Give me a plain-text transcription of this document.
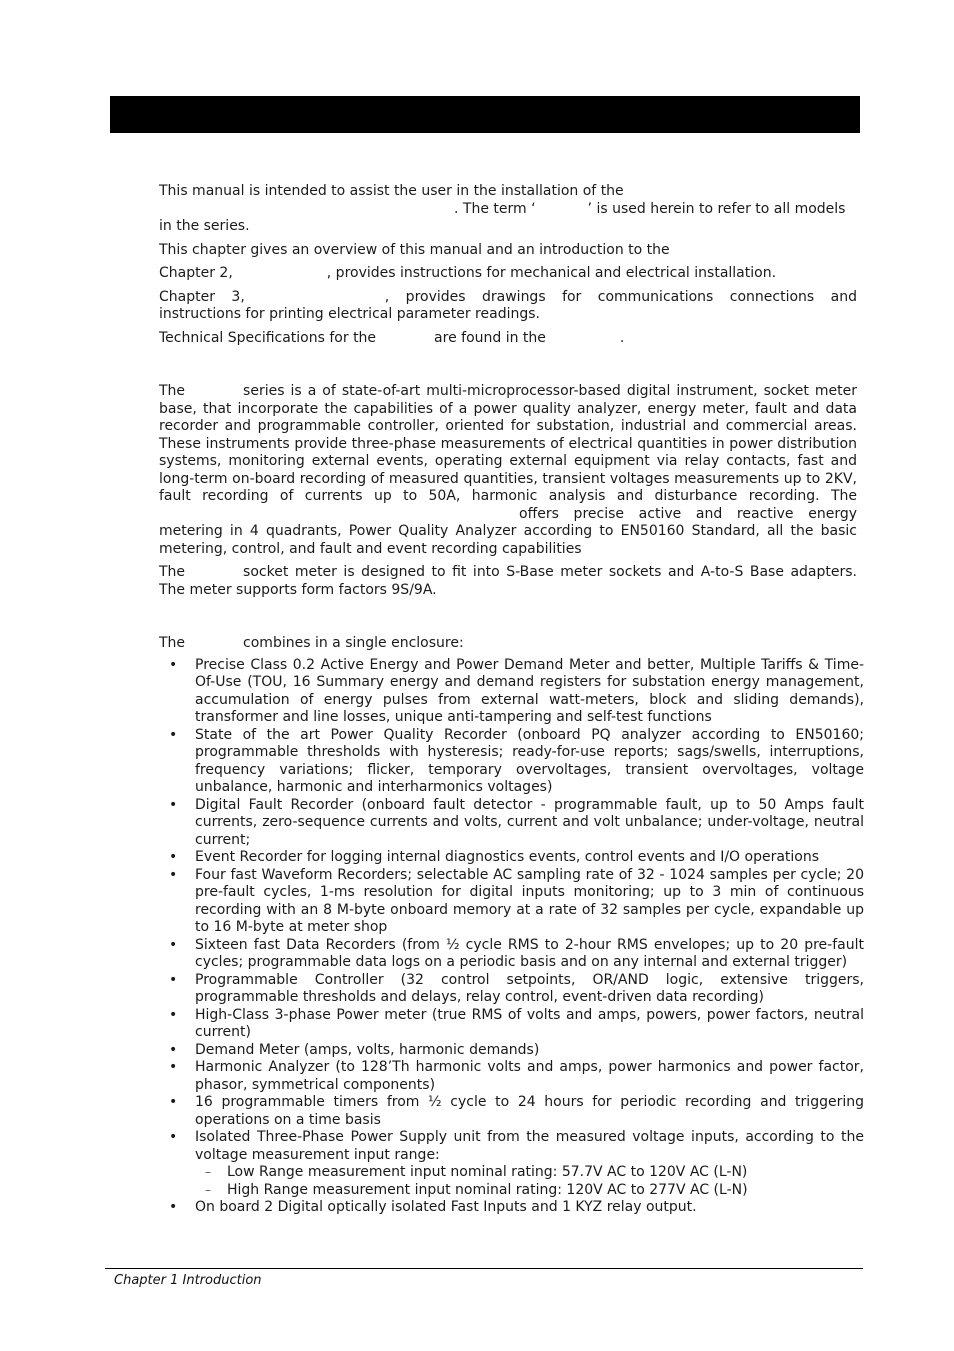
This manual is intended to assist the user in the installation of the
. The term ‘	’ is used herein to refer to all models
in the series.

This chapter gives an overview of this manual and an introduction to the

Chapter 2,	, provides instructions for mechanical and electrical installation.

Chapter 3,	, provides drawings for communications connections and instructions for printing electrical parameter readings.

Technical Specifications for the	are found in the	.

The	series is a of state-of-art multi-microprocessor-based digital instrument, socket meter base, that incorporate the capabilities of a power quality analyzer, energy meter, fault and data recorder and programmable controller, oriented for substation, industrial and commercial areas. These instruments provide three-phase measurements of electrical quantities in power distribution systems, monitoring external events, operating external equipment via relay contacts, fast and long-term on-board recording of measured quantities, transient voltages measurements up to 2KV, fault recording of currents up to 50A, harmonic analysis and disturbance recording. Theoffers precise active and reactive energy metering in 4 quadrants, Power Quality Analyzer according to EN50160 Standard, all the basic metering, control, and fault and event recording capabilities

The	socket meter is designed to fit into S-Base meter sockets and A-to-S Base adapters. The meter supports form factors 9S/9A.

The	combines in a single enclosure:

• Precise Class 0.2 Active Energy and Power Demand Meter and better, Multiple Tariffs & Time-Of-Use (TOU, 16 Summary energy and demand registers for substation energy management, accumulation of energy pulses from external watt-meters, block and sliding demands), transformer and line losses, unique anti-tampering and self-test functions
• State of the art Power Quality Recorder (onboard PQ analyzer according to EN50160; programmable thresholds with hysteresis; ready-for-use reports; sags/swells, interruptions, frequency variations; flicker, temporary overvoltages, transient overvoltages, voltage unbalance, harmonic and interharmonics voltages)
• Digital Fault Recorder (onboard fault detector - programmable fault, up to 50 Amps fault currents, zero-sequence currents and volts, current and volt unbalance; under-voltage, neutral current;
• Event Recorder for logging internal diagnostics events, control events and I/O operations
• Four fast Waveform Recorders; selectable AC sampling rate of 32 - 1024 samples per cycle; 20 pre-fault cycles, 1-ms resolution for digital inputs monitoring; up to 3 min of continuous recording with an 8 M-byte onboard memory at a rate of 32 samples per cycle, expandable up to 16 M-byte at meter shop
• Sixteen fast Data Recorders (from ½ cycle RMS to 2-hour RMS envelopes; up to 20 pre-fault cycles; programmable data logs on a periodic basis and on any internal and external trigger)
• Programmable Controller (32 control setpoints, OR/AND logic, extensive triggers, programmable thresholds and delays, relay control, event-driven data recording)
• High-Class 3-phase Power meter (true RMS of volts and amps, powers, power factors, neutral current)
• Demand Meter (amps, volts, harmonic demands)
• Harmonic Analyzer (to 128’Th harmonic volts and amps, power harmonics and power factor, phasor, symmetrical components)
• 16 programmable timers from ½ cycle to 24 hours for periodic recording and triggering operations on a time basis
• Isolated Three-Phase Power Supply unit from the measured voltage inputs, according to the voltage measurement input range:
– Low Range measurement input nominal rating: 57.7V AC to 120V AC (L-N)
– High Range measurement input nominal rating: 120V AC to 277V AC (L-N)
• On board 2 Digital optically isolated Fast Inputs and 1 KYZ relay output.
Chapter 1 Introduction
